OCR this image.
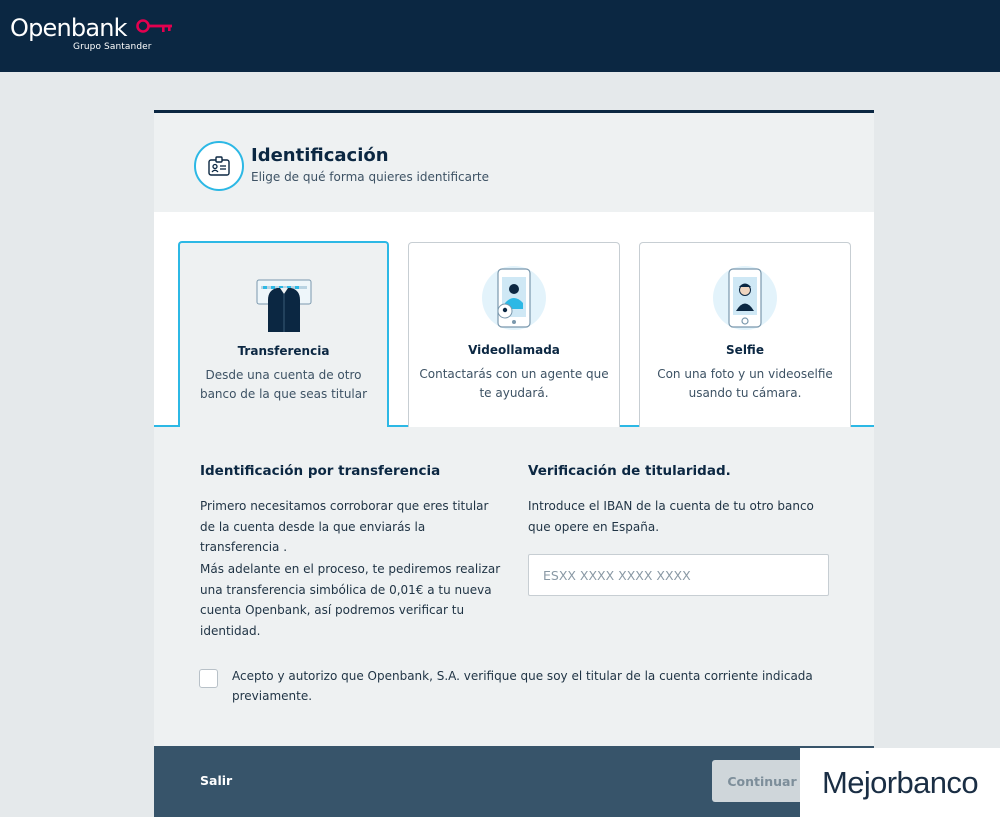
Openbank
Grupo Santander
Identificación
Elige de qué forma quieres identificarte
Transferencia
Desde una cuenta de otro banco de la que seas titular
Videollamada
Contactarás con un agente que te ayudará.
Selfie
Con una foto y un videoselfie usando tu cámara.
Identificación por transferencia
Primero necesitamos corroborar que eres titular de la cuenta desde la que enviarás la transferencia .
Más adelante en el proceso, te pediremos realizar una transferencia simbólica de 0,01€ a tu nueva cuenta Openbank, así podremos verificar tu identidad.
Verificación de titularidad.
Introduce el IBAN de la cuenta de tu otro banco que opere en España.
ESXX XXXX XXXX XXXX
Acepto y autorizo que Openbank, S.A. verifique que soy el titular de la cuenta corriente indicada previamente.
Salir	Continuar Mejorbanco
